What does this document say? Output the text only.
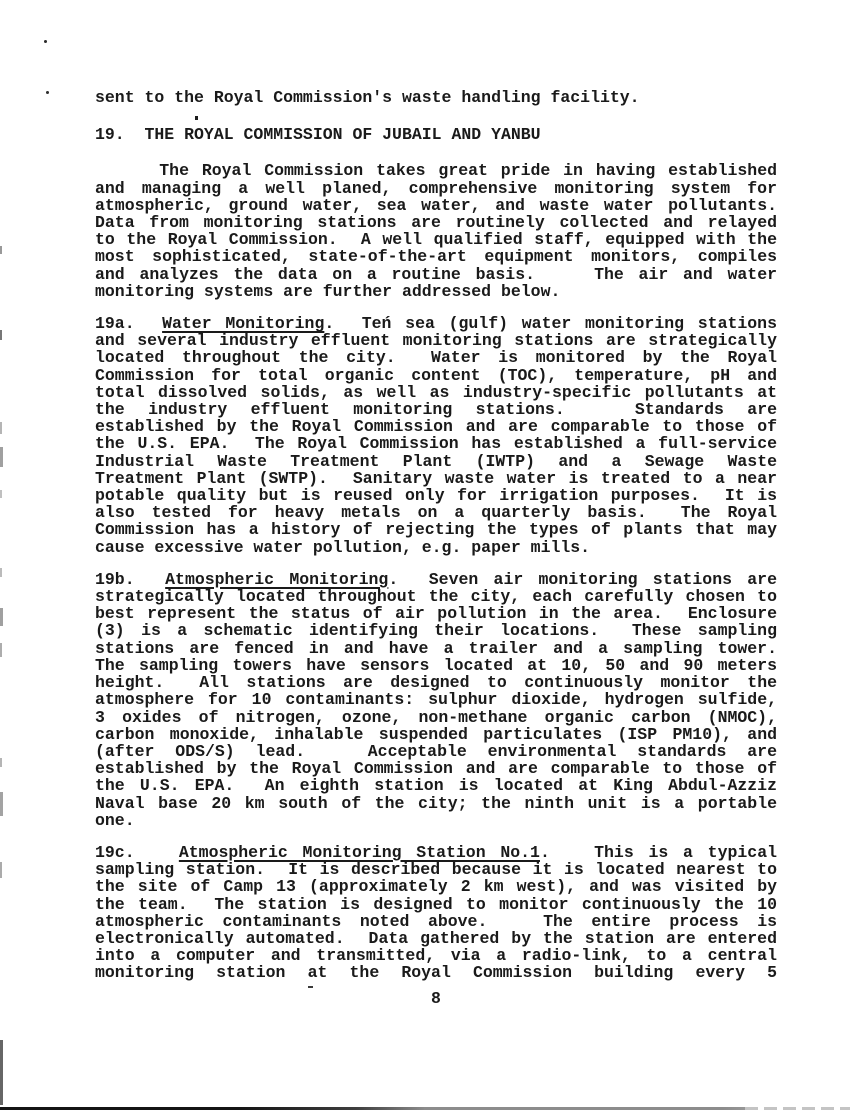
sent to the Royal Commission's waste handling facility.
19.  THE ROYAL COMMISSION OF JUBAIL AND YANBU
The Royal Commission takes great pride in having established
and managing a well planed, comprehensive monitoring system for
atmospheric, ground water, sea water, and waste water pollutants.
Data from monitoring stations are routinely collected and relayed
to the Royal Commission.  A well qualified staff, equipped with the
most sophisticated, state-of-the-art equipment monitors, compiles
and analyzes the data on a routine basis.    The air and water
monitoring systems are further addressed below.
19a.  Water Monitoring.  Teń sea (gulf) water monitoring stations
and several industry effluent monitoring stations are strategically
located throughout the city.  Water is monitored by the Royal
Commission for total organic content (TOC), temperature, pH and
total dissolved solids, as well as industry-specific pollutants at
the industry effluent monitoring stations.   Standards are
established by the Royal Commission and are comparable to those of
the U.S. EPA.  The Royal Commission has established a full-service
Industrial Waste Treatment Plant (IWTP) and a Sewage Waste
Treatment Plant (SWTP).  Sanitary waste water is treated to a near
potable quality but is reused only for irrigation purposes.  It is
also tested for heavy metals on a quarterly basis.  The Royal
Commission has a history of rejecting the types of plants that may
cause excessive water pollution, e.g. paper mills.
19b.  Atmospheric Monitoring.  Seven air monitoring stations are
strategically located throughout the city, each carefully chosen to
best represent the status of air pollution in the area.  Enclosure
(3) is a schematic identifying their locations.  These sampling
stations are fenced in and have a trailer and a sampling tower.
The sampling towers have sensors located at 10, 50 and 90 meters
height.  All stations are designed to continuously monitor the
atmosphere for 10 contaminants: sulphur dioxide, hydrogen sulfide,
3 oxides of nitrogen, ozone, non-methane organic carbon (NMOC),
carbon monoxide, inhalable suspended particulates (ISP PM10), and
(after ODS/S) lead.   Acceptable environmental standards are
established by the Royal Commission and are comparable to those of
the U.S. EPA.  An eighth station is located at King Abdul-Azziz
Naval base 20 km south of the city; the ninth unit is a portable
one.
19c.   Atmospheric Monitoring Station No.1.   This is a typical
sampling station.  It is described because it is located nearest to
the site of Camp 13 (approximately 2 km west), and was visited by
the team.  The station is designed to monitor continuously the 10
atmospheric contaminants noted above.   The entire process is
electronically automated.  Data gathered by the station are entered
into a computer and transmitted, via a radio-link, to a central
monitoring station at the Royal Commission building every 5
8
